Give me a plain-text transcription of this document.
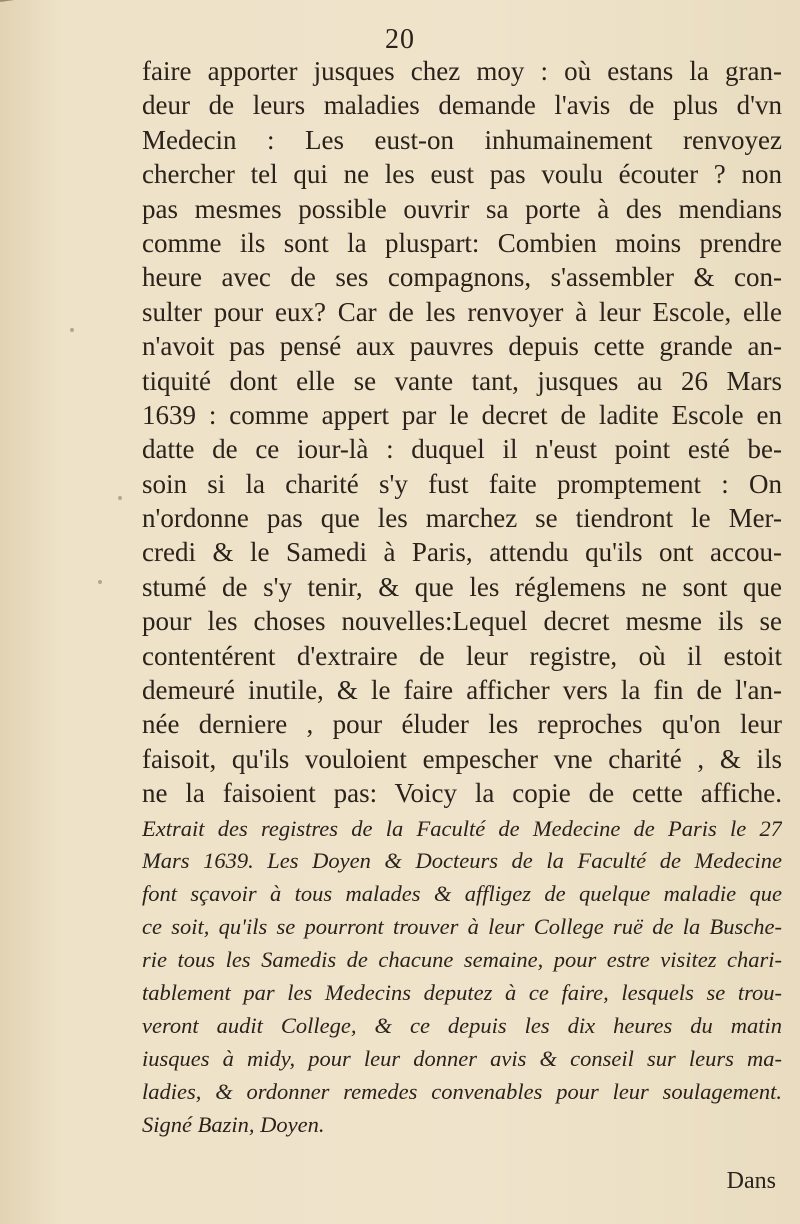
20
faire apporter jusques chez moy : où estans la gran-
deur de leurs maladies demande l'avis de plus d'vn
Medecin : Les eust-on inhumainement renvoyez
chercher tel qui ne les eust pas voulu écouter ? non
pas mesmes possible ouvrir sa porte à des mendians
comme ils sont la pluspart: Combien moins prendre
heure avec de ses compagnons, s'assembler & con-
sulter pour eux? Car de les renvoyer à leur Escole, elle
n'avoit pas pensé aux pauvres depuis cette grande an-
tiquité dont elle se vante tant, jusques au 26 Mars
1639 : comme appert par le decret de ladite Escole en
datte de ce iour-là : duquel il n'eust point esté be-
soin si la charité s'y fust faite promptement : On
n'ordonne pas que les marchez se tiendront le Mer-
credi & le Samedi à Paris, attendu qu'ils ont accou-
stumé de s'y tenir, & que les réglemens ne sont que
pour les choses nouvelles:Lequel decret mesme ils se
contentérent d'extraire de leur registre, où il estoit
demeuré inutile, & le faire afficher vers la fin de l'an-
née derniere , pour éluder les reproches qu'on leur
faisoit, qu'ils vouloient empescher vne charité , & ils
ne la faisoient pas: Voicy la copie de cette affiche.
Extrait des registres de la Faculté de Medecine de Paris le 27
Mars 1639. Les Doyen & Docteurs de la Faculté de Medecine
font sçavoir à tous malades & affligez de quelque maladie que
ce soit, qu'ils se pourront trouver à leur College ruë de la Busche-
rie tous les Samedis de chacune semaine, pour estre visitez chari-
tablement par les Medecins deputez à ce faire, lesquels se trou-
veront audit College, & ce depuis les dix heures du matin
iusques à midy, pour leur donner avis & conseil sur leurs ma-
ladies, & ordonner remedes convenables pour leur soulagement.
Signé Bazin, Doyen.
Dans
